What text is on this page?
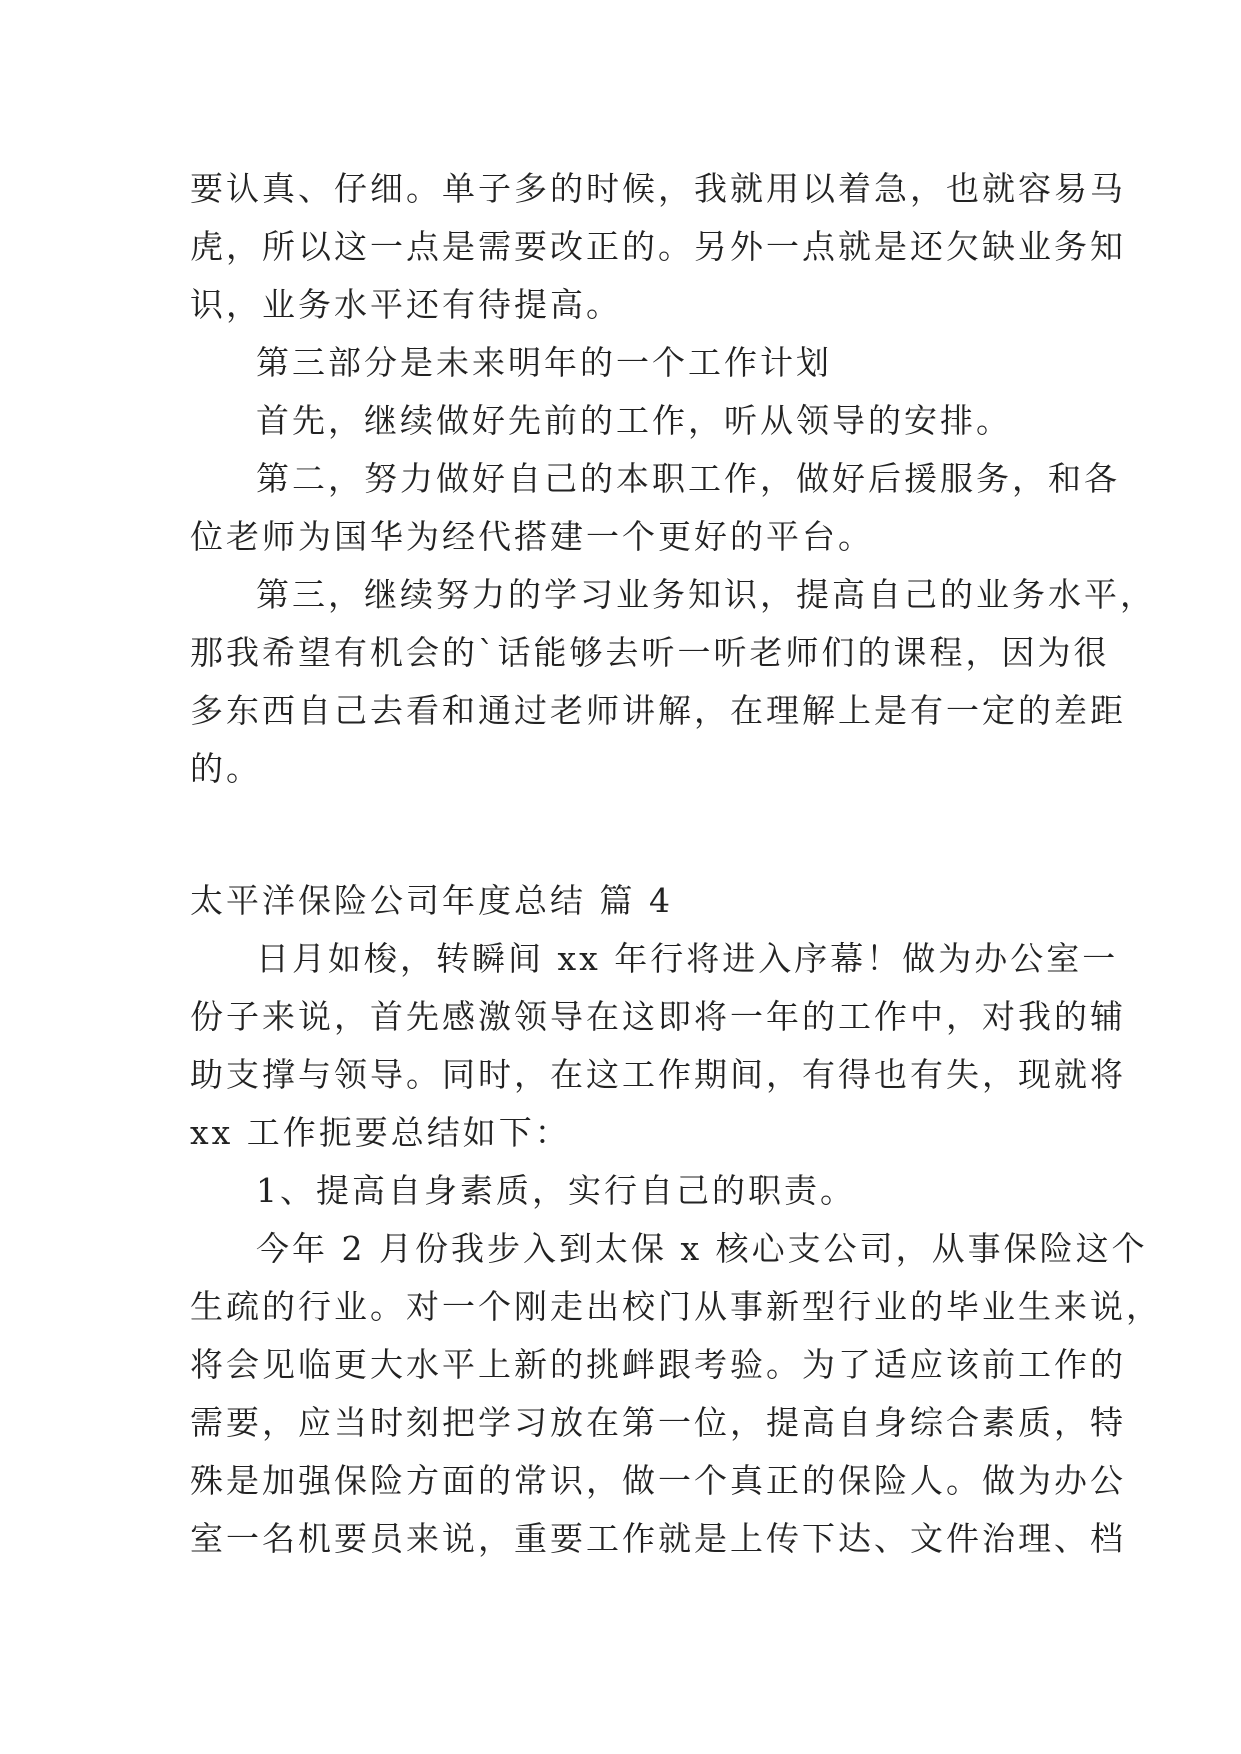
要认真、仔细。单子多的时候，我就用以着急，也就容易马

虎，所以这一点是需要改正的。另外一点就是还欠缺业务知

识，业务水平还有待提高。

第三部分是未来明年的一个工作计划

首先，继续做好先前的工作，听从领导的安排。

第二，努力做好自己的本职工作，做好后援服务，和各

位老师为国华为经代搭建一个更好的平台。

第三，继续努力的学习业务知识，提高自己的业务水平，

那我希望有机会的`话能够去听一听老师们的课程，因为很

多东西自己去看和通过老师讲解，在理解上是有一定的差距

的。

太平洋保险公司年度总结 篇 4

日月如梭，转瞬间 xx 年行将进入序幕！做为办公室一

份子来说，首先感激领导在这即将一年的工作中，对我的辅

助支撑与领导。同时，在这工作期间，有得也有失，现就将

xx 工作扼要总结如下：

1、提高自身素质，实行自己的职责。

今年 2 月份我步入到太保 x 核心支公司，从事保险这个

生疏的行业。对一个刚走出校门从事新型行业的毕业生来说，

将会见临更大水平上新的挑衅跟考验。为了适应该前工作的

需要，应当时刻把学习放在第一位，提高自身综合素质，特

殊是加强保险方面的常识，做一个真正的保险人。做为办公

室一名机要员来说，重要工作就是上传下达、文件治理、档
